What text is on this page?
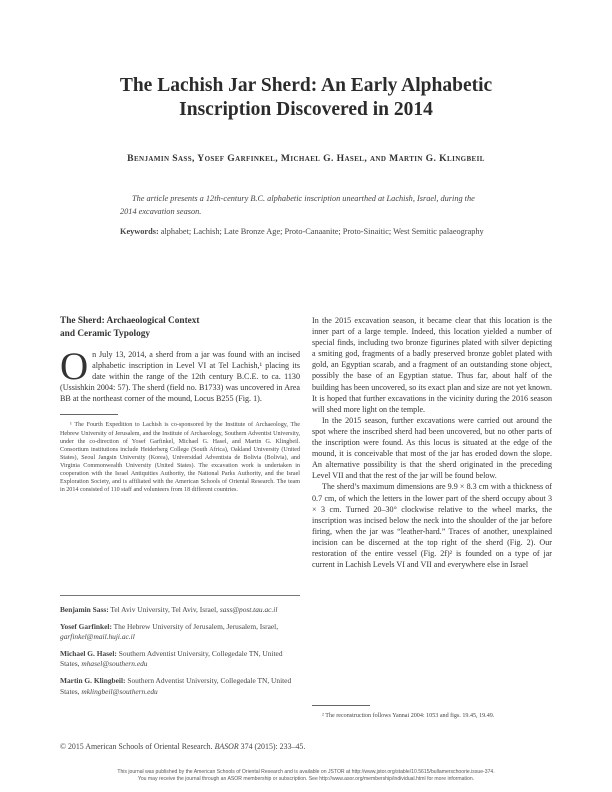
The Lachish Jar Sherd: An Early Alphabetic
Inscription Discovered in 2014
Benjamin Sass, Yosef Garfinkel, Michael G. Hasel, and Martin G. Klingbeil
The article presents a 12th-century B.C. alphabetic inscription unearthed at Lachish, Israel, during the 2014 excavation season.
Keywords: alphabet; Lachish; Late Bronze Age; Proto-Canaanite; Proto-Sinaitic; West Semitic palaeography
The Sherd: Archaeological Context
and Ceramic Typology
O n July 13, 2014, a sherd from a jar was found with an incised alphabetic inscription in Level VI at Tel Lachish,¹ placing its date within the range of the 12th century B.C.E. to ca. 1130 (Ussishkin 2004: 57). The sherd (field no. B1733) was uncovered in Area BB at the northeast corner of the mound, Locus B255 (Fig. 1).
¹ The Fourth Expedition to Lachish is co-sponsored by the Institute of Archaeology, The Hebrew University of Jerusalem, and the Institute of Archaeology, Southern Adventist University, under the co-direction of Yosef Garfinkel, Michael G. Hasel, and Martin G. Klingbeil. Consortium institutions include Heiderberg College (South Africa), Oakland University (United States), Seoul Jangsin University (Korea), Universidad Adventista de Bolivia (Bolivia), and Virginia Commonwealth University (United States). The excavation work is undertaken in cooperation with the Israel Antiquities Authority, the National Parks Authority, and the Israel Exploration Society, and is affiliated with the American Schools of Oriental Research. The team in 2014 consisted of 110 staff and volunteers from 18 different countries.
Benjamin Sass: Tel Aviv University, Tel Aviv, Israel, sass@post.tau.ac.il
Yosef Garfinkel: The Hebrew University of Jerusalem, Jerusalem, Israel, garfinkel@mail.huji.ac.il
Michael G. Hasel: Southern Adventist University, Collegedale TN, United States, mhasel@southern.edu
Martin G. Klingbeil: Southern Adventist University, Collegedale TN, United States, mklingbeil@southern.edu

In the 2015 excavation season, it became clear that this location is the inner part of a large temple. Indeed, this location yielded a number of special finds, including two bronze figurines plated with silver depicting a smiting god, fragments of a badly preserved bronze goblet plated with gold, an Egyptian scarab, and a fragment of an outstanding stone object, possibly the base of an Egyptian statue. Thus far, about half of the building has been uncovered, so its exact plan and size are not yet known. It is hoped that further excavations in the vicinity during the 2016 season will shed more light on the temple.

In the 2015 season, further excavations were carried out around the spot where the inscribed sherd had been uncovered, but no other parts of the inscription were found. As this locus is situated at the edge of the mound, it is conceivable that most of the jar has eroded down the slope. An alternative possibility is that the sherd originated in the preceding Level VII and that the rest of the jar will be found below.

The sherd’s maximum dimensions are 9.9 × 8.3 cm with a thickness of 0.7 cm, of which the letters in the lower part of the sherd occupy about 3 × 3 cm. Turned 20–30° clockwise relative to the wheel marks, the inscription was incised below the neck into the shoulder of the jar before firing, when the jar was “leather-hard.” Traces of another, unexplained incision can be discerned at the top right of the sherd (Fig. 2). Our restoration of the entire vessel (Fig. 2f)² is founded on a type of jar current in Lachish Levels VI and VII and everywhere else in Israel

² The reconstruction follows Yannai 2004: 1053 and figs. 19.45, 19.49.
© 2015 American Schools of Oriental Research. BASOR 374 (2015): 233–45.
This journal was published by the American Schools of Oriental Research and is available on JSTOR at http://www.jstor.org/stable/10.5615/bullamerschoorie.issue-374.
You may receive the journal through an ASOR membership or subscription. See http://www.asor.org/membership/individual.html for more information.
